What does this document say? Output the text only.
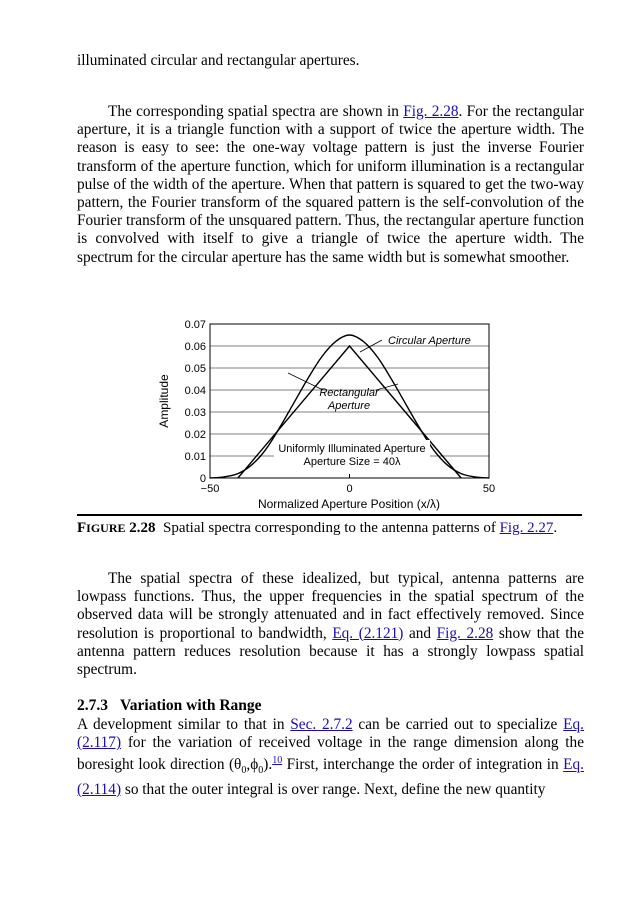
illuminated circular and rectangular apertures.
The corresponding spatial spectra are shown in Fig. 2.28. For the rectangular aperture, it is a triangle function with a support of twice the aperture width. The reason is easy to see: the one-way voltage pattern is just the inverse Fourier transform of the aperture function, which for uniform illumination is a rectangular pulse of the width of the aperture. When that pattern is squared to get the two-way pattern, the Fourier transform of the squared pattern is the self-convolution of the Fourier transform of the unsquared pattern. Thus, the rectangular aperture function is convolved with itself to give a triangle of twice the aperture width. The spectrum for the circular aperture has the same width but is somewhat smoother.
0
0.01
0.02
0.03
0.04
0.05
0.06
0.07
−50	0	50
Circular Aperture
Rectangular
Aperture
Uniformly Illuminated Aperture
Aperture Size = 40λ
Amplitude
Normalized Aperture Position (x/λ)
FIGURE 2.28 Spatial spectra corresponding to the antenna patterns of Fig. 2.27.
The spatial spectra of these idealized, but typical, antenna patterns are lowpass functions. Thus, the upper frequencies in the spatial spectrum of the observed data will be strongly attenuated and in fact effectively removed. Since resolution is proportional to bandwidth, Eq. (2.121) and Fig. 2.28 show that the antenna pattern reduces resolution because it has a strongly lowpass spatial spectrum.
2.7.3 Variation with Range
A development similar to that in Sec. 2.7.2 can be carried out to specialize Eq. (2.117) for the variation of received voltage in the range dimension along the boresight look direction $(\theta_0,\phi_0).^{10}$ First, interchange the order of integration in Eq. (2.114) so that the outer integral is over range. Next, define the new quantity
